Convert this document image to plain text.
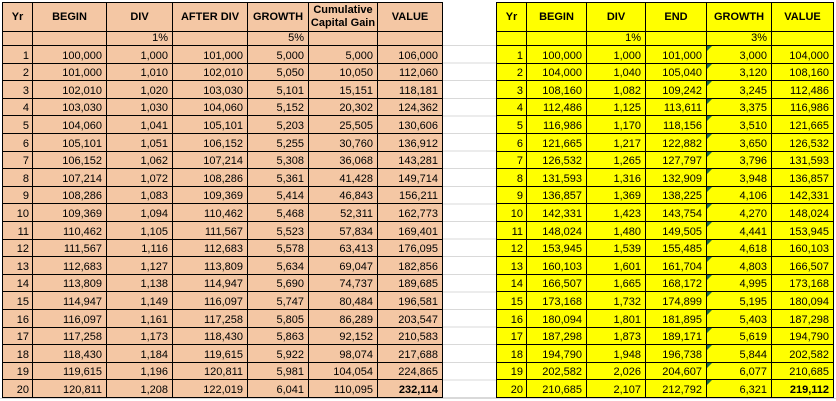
Yr	BEGIN	DIV	AFTER DIV	GROWTH	Cumulative Capital Gain	VALUE
		1%		5%		
1	100,000	1,000	101,000	5,000	5,000	106,000
2	101,000	1,010	102,010	5,050	10,050	112,060
3	102,010	1,020	103,030	5,101	15,151	118,181
4	103,030	1,030	104,060	5,152	20,302	124,362
5	104,060	1,041	105,101	5,203	25,505	130,606
6	105,101	1,051	106,152	5,255	30,760	136,912
7	106,152	1,062	107,214	5,308	36,068	143,281
8	107,214	1,072	108,286	5,361	41,428	149,714
9	108,286	1,083	109,369	5,414	46,843	156,211
10	109,369	1,094	110,462	5,468	52,311	162,773
11	110,462	1,105	111,567	5,523	57,834	169,401
12	111,567	1,116	112,683	5,578	63,413	176,095
13	112,683	1,127	113,809	5,634	69,047	182,856
14	113,809	1,138	114,947	5,690	74,737	189,685
15	114,947	1,149	116,097	5,747	80,484	196,581
16	116,097	1,161	117,258	5,805	86,289	203,547
17	117,258	1,173	118,430	5,863	92,152	210,583
18	118,430	1,184	119,615	5,922	98,074	217,688
19	119,615	1,196	120,811	5,981	104,054	224,865
20	120,811	1,208	122,019	6,041	110,095	232,114
Yr	BEGIN	DIV	END	GROWTH	VALUE
		1%		3%	
1	100,000	1,000	101,000	3,000	104,000
2	104,000	1,040	105,040	3,120	108,160
3	108,160	1,082	109,242	3,245	112,486
4	112,486	1,125	113,611	3,375	116,986
5	116,986	1,170	118,156	3,510	121,665
6	121,665	1,217	122,882	3,650	126,532
7	126,532	1,265	127,797	3,796	131,593
8	131,593	1,316	132,909	3,948	136,857
9	136,857	1,369	138,225	4,106	142,331
10	142,331	1,423	143,754	4,270	148,024
11	148,024	1,480	149,505	4,441	153,945
12	153,945	1,539	155,485	4,618	160,103
13	160,103	1,601	161,704	4,803	166,507
14	166,507	1,665	168,172	4,995	173,168
15	173,168	1,732	174,899	5,195	180,094
16	180,094	1,801	181,895	5,403	187,298
17	187,298	1,873	189,171	5,619	194,790
18	194,790	1,948	196,738	5,844	202,582
19	202,582	2,026	204,607	6,077	210,685
20	210,685	2,107	212,792	6,321	219,112
